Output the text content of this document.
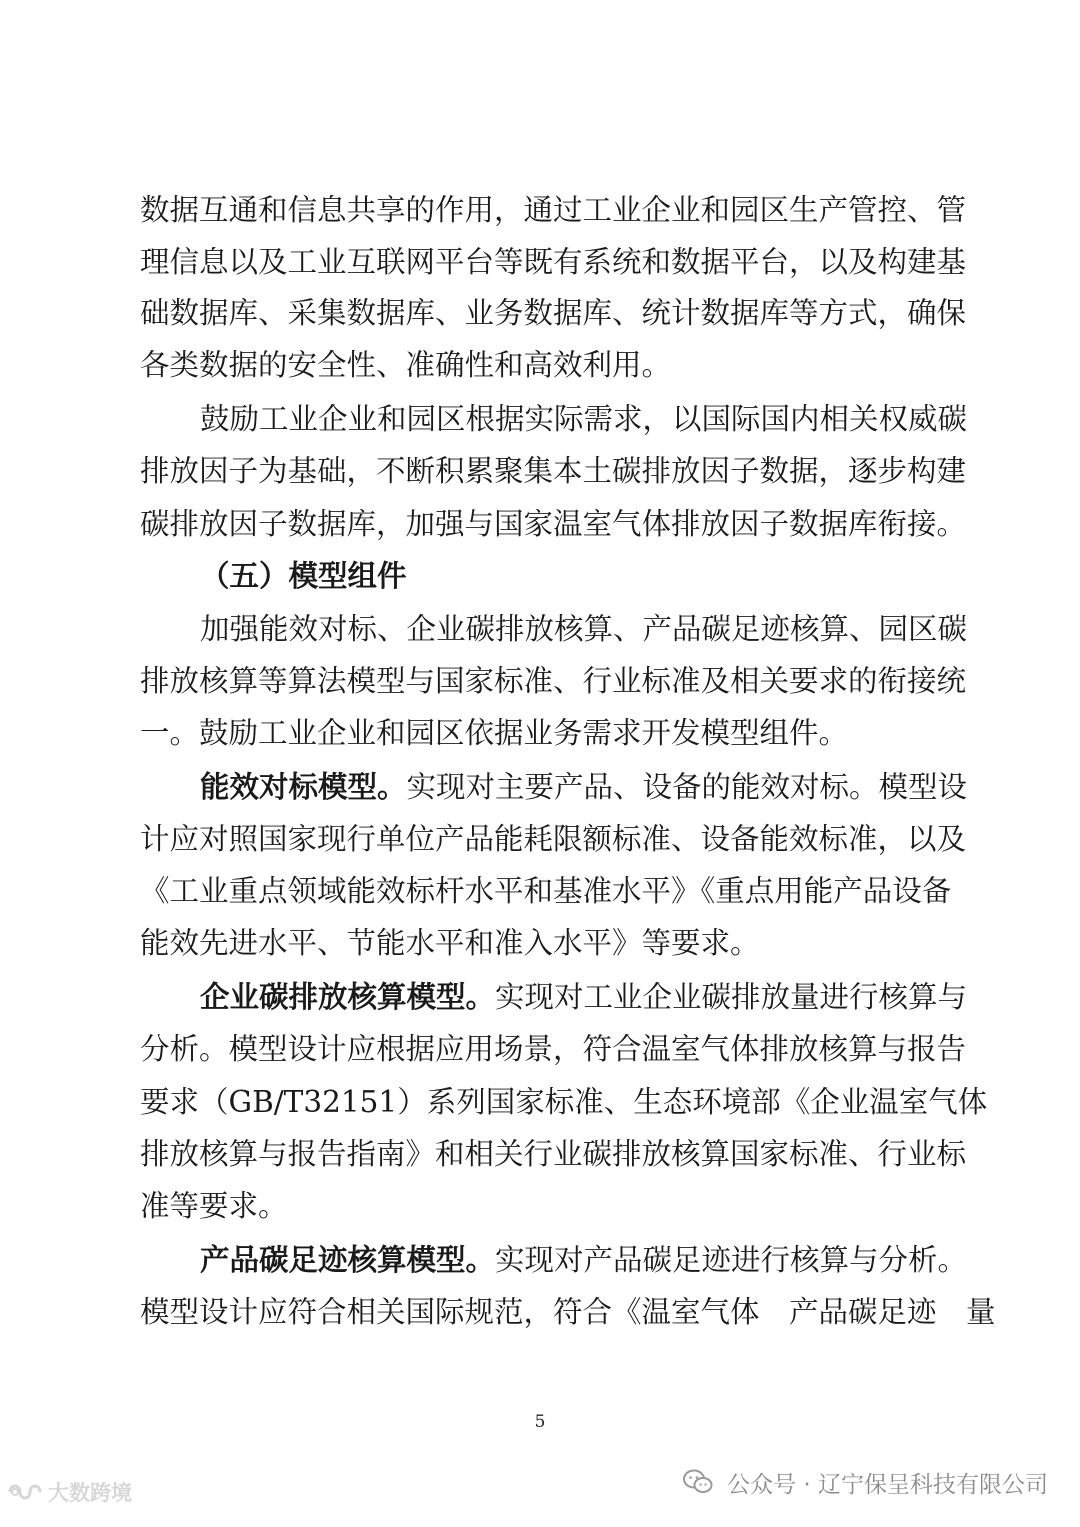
数据互通和信息共享的作用，通过工业企业和园区生产管控、管
理信息以及工业互联网平台等既有系统和数据平台，以及构建基
础数据库、采集数据库、业务数据库、统计数据库等方式，确保
各类数据的安全性、准确性和高效利用。
鼓励工业企业和园区根据实际需求，以国际国内相关权威碳
排放因子为基础，不断积累聚集本土碳排放因子数据，逐步构建
碳排放因子数据库，加强与国家温室气体排放因子数据库衔接。
（五）模型组件
加强能效对标、企业碳排放核算、产品碳足迹核算、园区碳
排放核算等算法模型与国家标准、行业标准及相关要求的衔接统
一。鼓励工业企业和园区依据业务需求开发模型组件。
能效对标模型。实现对主要产品、设备的能效对标。模型设
计应对照国家现行单位产品能耗限额标准、设备能效标准，以及
《工业重点领域能效标杆水平和基准水平》《重点用能产品设备
能效先进水平、节能水平和准入水平》等要求。
企业碳排放核算模型。实现对工业企业碳排放量进行核算与
分析。模型设计应根据应用场景，符合温室气体排放核算与报告
要求（GB/T32151）系列国家标准、生态环境部《企业温室气体
排放核算与报告指南》和相关行业碳排放核算国家标准、行业标
准等要求。
产品碳足迹核算模型。实现对产品碳足迹进行核算与分析。
模型设计应符合相关国际规范，符合《温室气体　产品碳足迹　量
5
公众号 · 辽宁保呈科技有限公司
大数跨境
